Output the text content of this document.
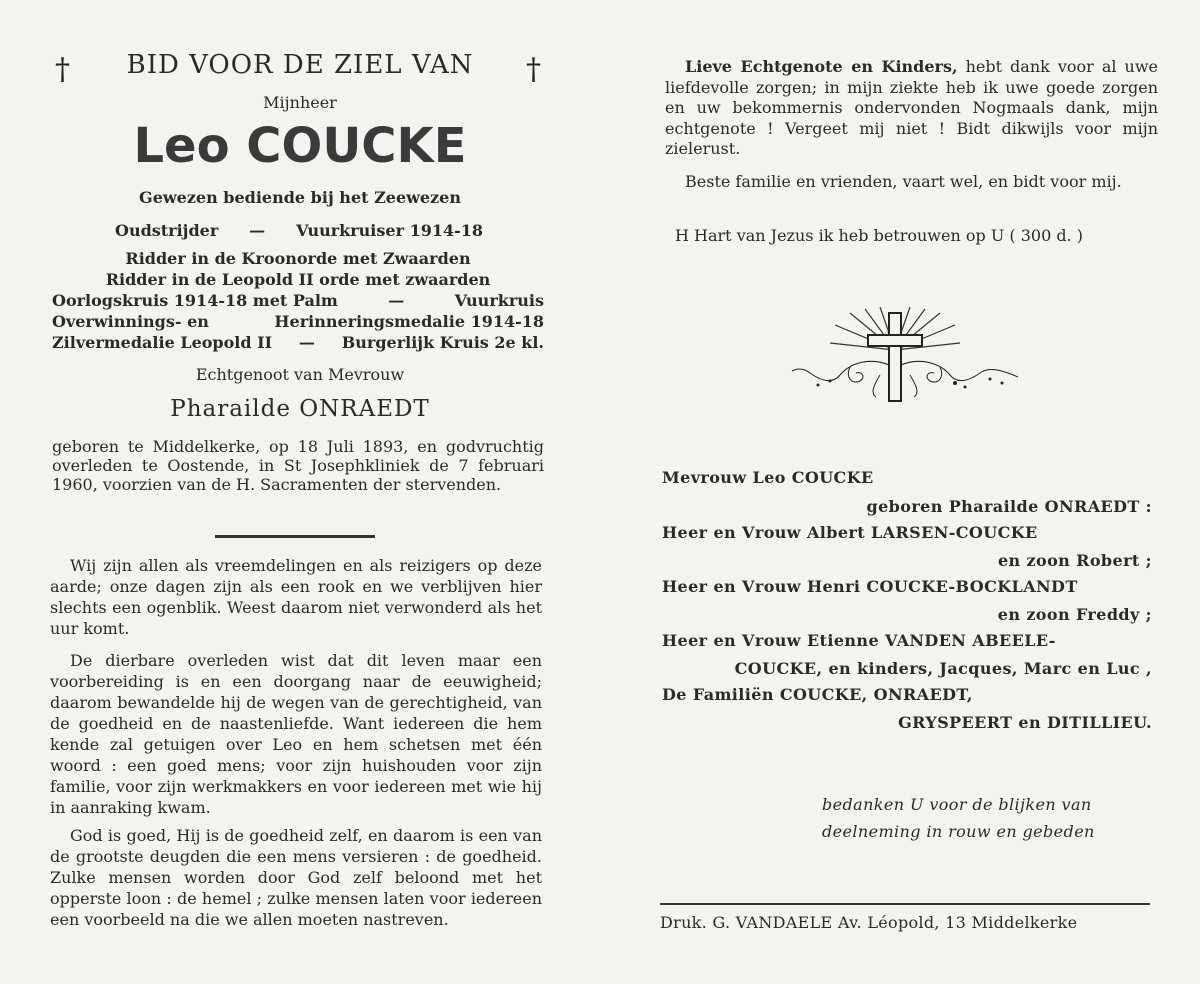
†	†
BID VOOR DE ZIEL VAN
Mijnheer
Leo COUCKE
Gewezen bediende bij het Zeewezen
Oudstrijder — Vuurkruiser 1914-18
Ridder in de Kroonorde met Zwaarden
Ridder in de Leopold II orde met zwaarden
Oorlogskruis 1914-18 met Palm	—	Vuurkruis
Overwinnings- en	Herinneringsmedalie 1914-18
Zilvermedalie Leopold II — Burgerlijk Kruis 2e kl.
Echtgenoot van Mevrouw
Pharailde ONRAEDT
geboren te Middelkerke, op 18 Juli 1893, en godvruchtig overleden te Oostende, in St Josephkliniek de 7 februari 1960, voorzien van de H. Sacramenten der stervenden.
Wij zijn allen als vreemdelingen en als reizigers op deze aarde; onze dagen zijn als een rook en we verblijven hier slechts een ogenblik. Weest daarom niet verwonderd als het uur komt.
De dierbare overleden wist dat dit leven maar een voorbereiding is en een doorgang naar de eeuwigheid; daarom bewandelde hij de wegen van de gerechtigheid, van de goedheid en de naastenliefde. Want iedereen die hem kende zal getuigen over Leo en hem schetsen met één woord : een goed mens; voor zijn huishouden voor zijn familie, voor zijn werkmakkers en voor iedereen met wie hij in aanraking kwam.
God is goed, Hij is de goedheid zelf, en daarom is een van de grootste deugden die een mens versieren : de goedheid. Zulke mensen worden door God zelf beloond met het opperste loon : de hemel ; zulke mensen laten voor iedereen een voorbeeld na die we allen moeten nastreven.
Lieve Echtgenote en Kinders, hebt dank voor al uwe liefdevolle zorgen; in mijn ziekte heb ik uwe goede zorgen en uw bekommernis ondervonden Nogmaals dank, mijn echtgenote ! Vergeet mij niet ! Bidt dikwijls voor mijn zielerust.
Beste familie en vrienden, vaart wel, en bidt voor mij.
H Hart van Jezus ik heb betrouwen op U ( 300 d. )
Mevrouw Leo COUCKE
geboren Pharailde ONRAEDT :
Heer en Vrouw Albert LARSEN-COUCKE
en zoon Robert ;
Heer en Vrouw Henri COUCKE-BOCKLANDT
en zoon Freddy ;
Heer en Vrouw Etienne VANDEN ABEELE-
COUCKE, en kinders, Jacques, Marc en Luc ,
De Familiën COUCKE, ONRAEDT,
GRYSPEERT en DITILLIEU.
bedanken U voor de blijken van
deelneming in rouw en gebeden
Druk. G. VANDAELE Av. Léopold, 13 Middelkerke
